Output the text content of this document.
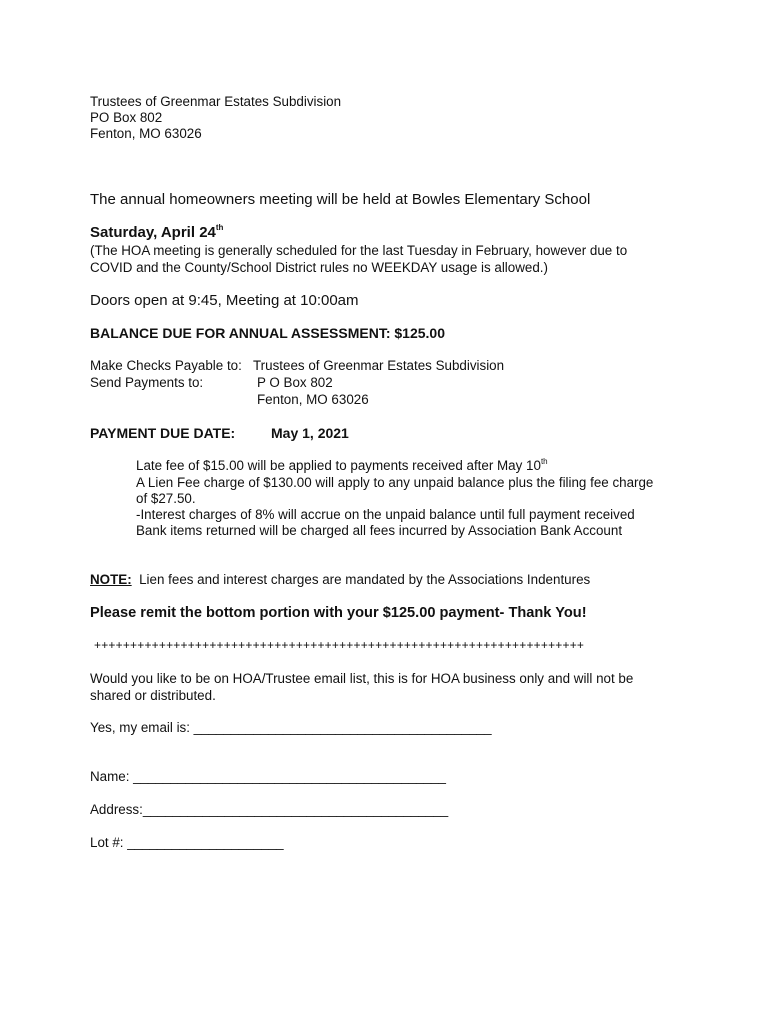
Trustees of Greenmar Estates Subdivision
PO Box 802
Fenton, MO 63026
The annual homeowners meeting will be held at Bowles Elementary School
Saturday, April 24th
(The HOA meeting is generally scheduled for the last Tuesday in February, however due to
COVID and the County/School District rules no WEEKDAY usage is allowed.)
Doors open at 9:45, Meeting at 10:00am
BALANCE DUE FOR ANNUAL ASSESSMENT: $125.00
Make Checks Payable to: Trustees of Greenmar Estates Subdivision
Send Payments to:	P O Box 802
Fenton, MO 63026
PAYMENT DUE DATE:	May 1, 2021
Late fee of $15.00 will be applied to payments received after May 10th
A Lien Fee charge of $130.00 will apply to any unpaid balance plus the filing fee charge
of $27.50.
-Interest charges of 8% will accrue on the unpaid balance until full payment received
Bank items returned will be charged all fees incurred by Association Bank Account
NOTE: Lien fees and interest charges are mandated by the Associations Indentures
Please remit the bottom portion with your $125.00 payment- Thank You!
++++++++++++++++++++++++++++++++++++++++++++++++++++++++++++++++++++
Would you like to be on HOA/Trustee email list, this is for HOA business only and will not be
shared or distributed.
Yes, my email is: ________________________________________
Name: __________________________________________
Address:_________________________________________
Lot #: _____________________
